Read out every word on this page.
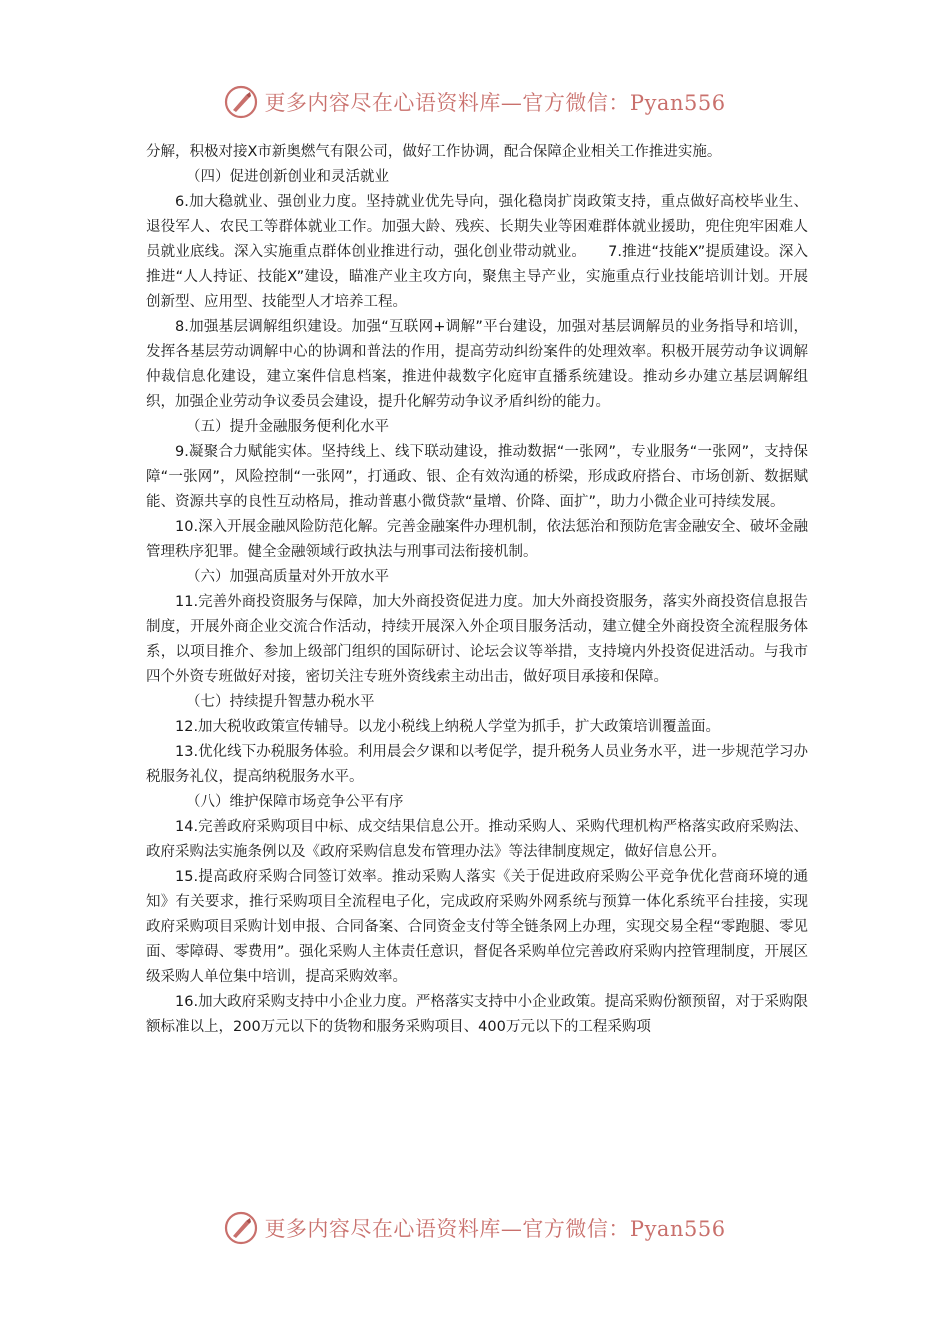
更多内容尽在心语资料库—官方微信：Pyan556

分解，积极对接X市新奥燃气有限公司，做好工作协调，配合保障企业相关工作推进实施。

（四）促进创新创业和灵活就业

6.加大稳就业、强创业力度。坚持就业优先导向，强化稳岗扩岗政策支持，重点做好高校毕业生、退役军人、农民工等群体就业工作。加强大龄、残疾、长期失业等困难群体就业援助，兜住兜牢困难人员就业底线。深入实施重点群体创业推进行动，强化创业带动就业。　　7.推进“技能X”提质建设。深入推进“人人持证、技能X”建设，瞄准产业主攻方向，聚焦主导产业，实施重点行业技能培训计划。开展创新型、应用型、技能型人才培养工程。

8.加强基层调解组织建设。加强“互联网+调解”平台建设，加强对基层调解员的业务指导和培训，发挥各基层劳动调解中心的协调和普法的作用，提高劳动纠纷案件的处理效率。积极开展劳动争议调解仲裁信息化建设，建立案件信息档案，推进仲裁数字化庭审直播系统建设。推动乡办建立基层调解组织，加强企业劳动争议委员会建设，提升化解劳动争议矛盾纠纷的能力。

（五）提升金融服务便利化水平

9.凝聚合力赋能实体。坚持线上、线下联动建设，推动数据“一张网”，专业服务“一张网”，支持保障“一张网”，风险控制“一张网”，打通政、银、企有效沟通的桥梁，形成政府搭台、市场创新、数据赋能、资源共享的良性互动格局，推动普惠小微贷款“量增、价降、面扩”，助力小微企业可持续发展。

10.深入开展金融风险防范化解。完善金融案件办理机制，依法惩治和预防危害金融安全、破坏金融管理秩序犯罪。健全金融领域行政执法与刑事司法衔接机制。

（六）加强高质量对外开放水平

11.完善外商投资服务与保障，加大外商投资促进力度。加大外商投资服务，落实外商投资信息报告制度，开展外商企业交流合作活动，持续开展深入外企项目服务活动，建立健全外商投资全流程服务体系，以项目推介、参加上级部门组织的国际研讨、论坛会议等举措，支持境内外投资促进活动。与我市四个外资专班做好对接，密切关注专班外资线索主动出击，做好项目承接和保障。

（七）持续提升智慧办税水平

12.加大税收政策宣传辅导。以龙小税线上纳税人学堂为抓手，扩大政策培训覆盖面。

13.优化线下办税服务体验。利用晨会夕课和以考促学，提升税务人员业务水平，进一步规范学习办税服务礼仪，提高纳税服务水平。

（八）维护保障市场竞争公平有序

14.完善政府采购项目中标、成交结果信息公开。推动采购人、采购代理机构严格落实政府采购法、政府采购法实施条例以及《政府采购信息发布管理办法》等法律制度规定，做好信息公开。

15.提高政府采购合同签订效率。推动采购人落实《关于促进政府采购公平竞争优化营商环境的通知》有关要求，推行采购项目全流程电子化，完成政府采购外网系统与预算一体化系统平台挂接，实现政府采购项目采购计划申报、合同备案、合同资金支付等全链条网上办理，实现交易全程“零跑腿、零见面、零障碍、零费用”。强化采购人主体责任意识，督促各采购单位完善政府采购内控管理制度，开展区级采购人单位集中培训，提高采购效率。

16.加大政府采购支持中小企业力度。严格落实支持中小企业政策。提高采购份额预留，对于采购限额标准以上，200万元以下的货物和服务采购项目、400万元以下的工程采购项

更多内容尽在心语资料库—官方微信：Pyan556
